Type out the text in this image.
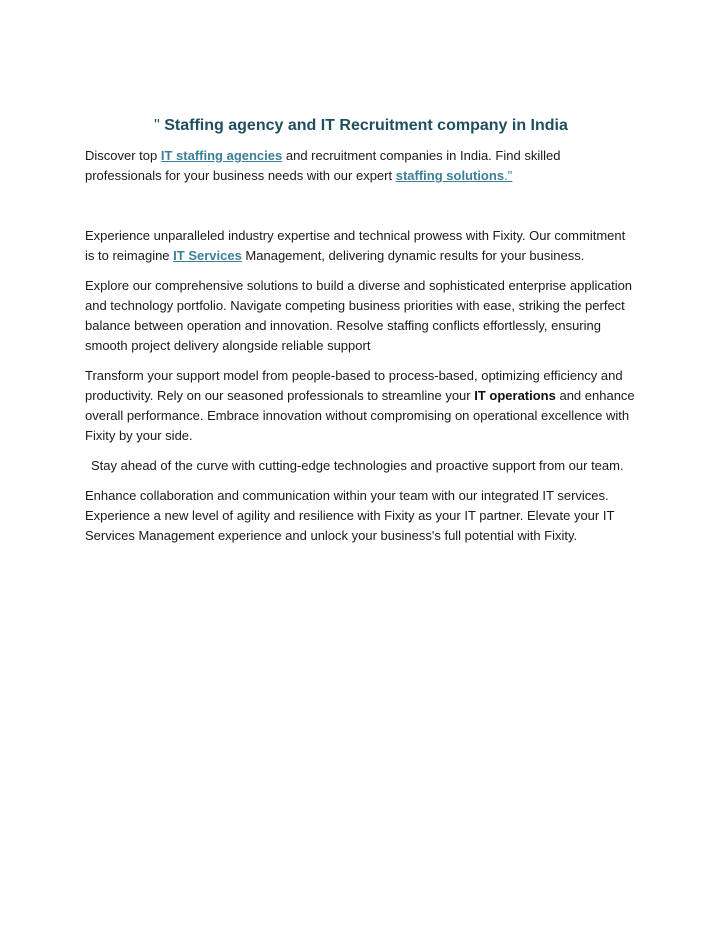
" Staffing agency and IT Recruitment company in India

Discover top IT staffing agencies and recruitment companies in India. Find skilled professionals for your business needs with our expert staffing solutions."

Experience unparalleled industry expertise and technical prowess with Fixity. Our commitment is to reimagine IT Services Management, delivering dynamic results for your business.

Explore our comprehensive solutions to build a diverse and sophisticated enterprise application and technology portfolio. Navigate competing business priorities with ease, striking the perfect balance between operation and innovation. Resolve staffing conflicts effortlessly, ensuring smooth project delivery alongside reliable support

Transform your support model from people-based to process-based, optimizing efficiency and productivity. Rely on our seasoned professionals to streamline your IT operations and enhance overall performance. Embrace innovation without compromising on operational excellence with Fixity by your side.

Stay ahead of the curve with cutting-edge technologies and proactive support from our team.

Enhance collaboration and communication within your team with our integrated IT services. Experience a new level of agility and resilience with Fixity as your IT partner. Elevate your IT Services Management experience and unlock your business's full potential with Fixity.
